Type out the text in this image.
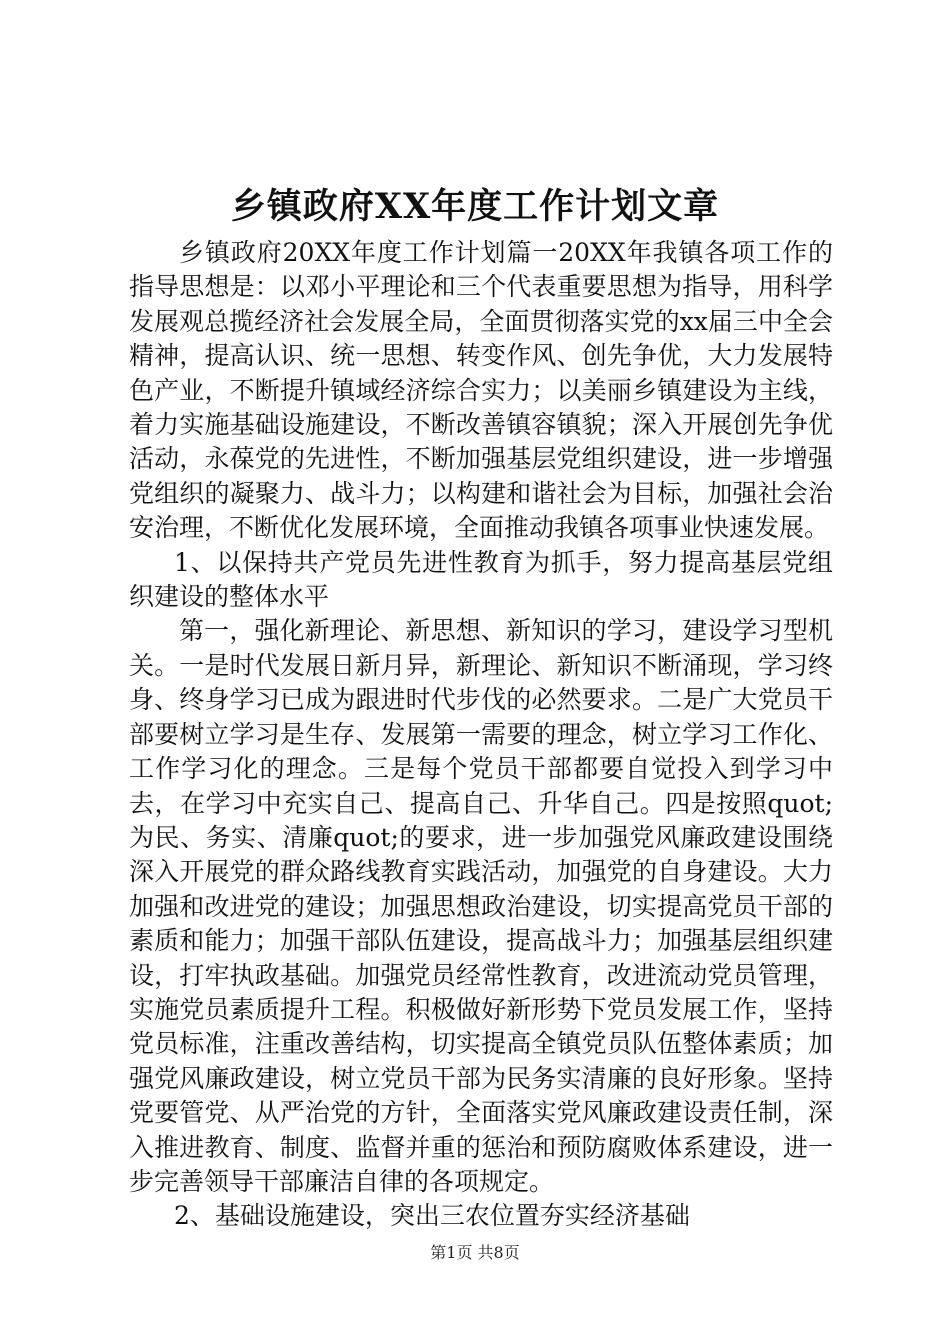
乡镇政府XX年度工作计划文章

乡镇政府20XX年度工作计划篇一20XX年我镇各项工作的指导思想是：以邓小平理论和三个代表重要思想为指导，用科学发展观总揽经济社会发展全局，全面贯彻落实党的xx届三中全会精神，提高认识、统一思想、转变作风、创先争优，大力发展特色产业，不断提升镇域经济综合实力；以美丽乡镇建设为主线，着力实施基础设施建设，不断改善镇容镇貌；深入开展创先争优活动，永葆党的先进性，不断加强基层党组织建设，进一步增强党组织的凝聚力、战斗力；以构建和谐社会为目标，加强社会治安治理，不断优化发展环境，全面推动我镇各项事业快速发展。

1、以保持共产党员先进性教育为抓手，努力提高基层党组织建设的整体水平

第一，强化新理论、新思想、新知识的学习，建设学习型机关。一是时代发展日新月异，新理论、新知识不断涌现，学习终身、终身学习已成为跟进时代步伐的必然要求。二是广大党员干部要树立学习是生存、发展第一需要的理念，树立学习工作化、工作学习化的理念。三是每个党员干部都要自觉投入到学习中去，在学习中充实自己、提高自己、升华自己。四是按照quot;为民、务实、清廉quot;的要求，进一步加强党风廉政建设围绕深入开展党的群众路线教育实践活动，加强党的自身建设。大力加强和改进党的建设；加强思想政治建设，切实提高党员干部的素质和能力；加强干部队伍建设，提高战斗力；加强基层组织建设，打牢执政基础。加强党员经常性教育，改进流动党员管理，实施党员素质提升工程。积极做好新形势下党员发展工作，坚持党员标准，注重改善结构，切实提高全镇党员队伍整体素质；加强党风廉政建设，树立党员干部为民务实清廉的良好形象。坚持党要管党、从严治党的方针，全面落实党风廉政建设责任制，深入推进教育、制度、监督并重的惩治和预防腐败体系建设，进一步完善领导干部廉洁自律的各项规定。

2、基础设施建设，突出三农位置夯实经济基础

第1页 共8页
